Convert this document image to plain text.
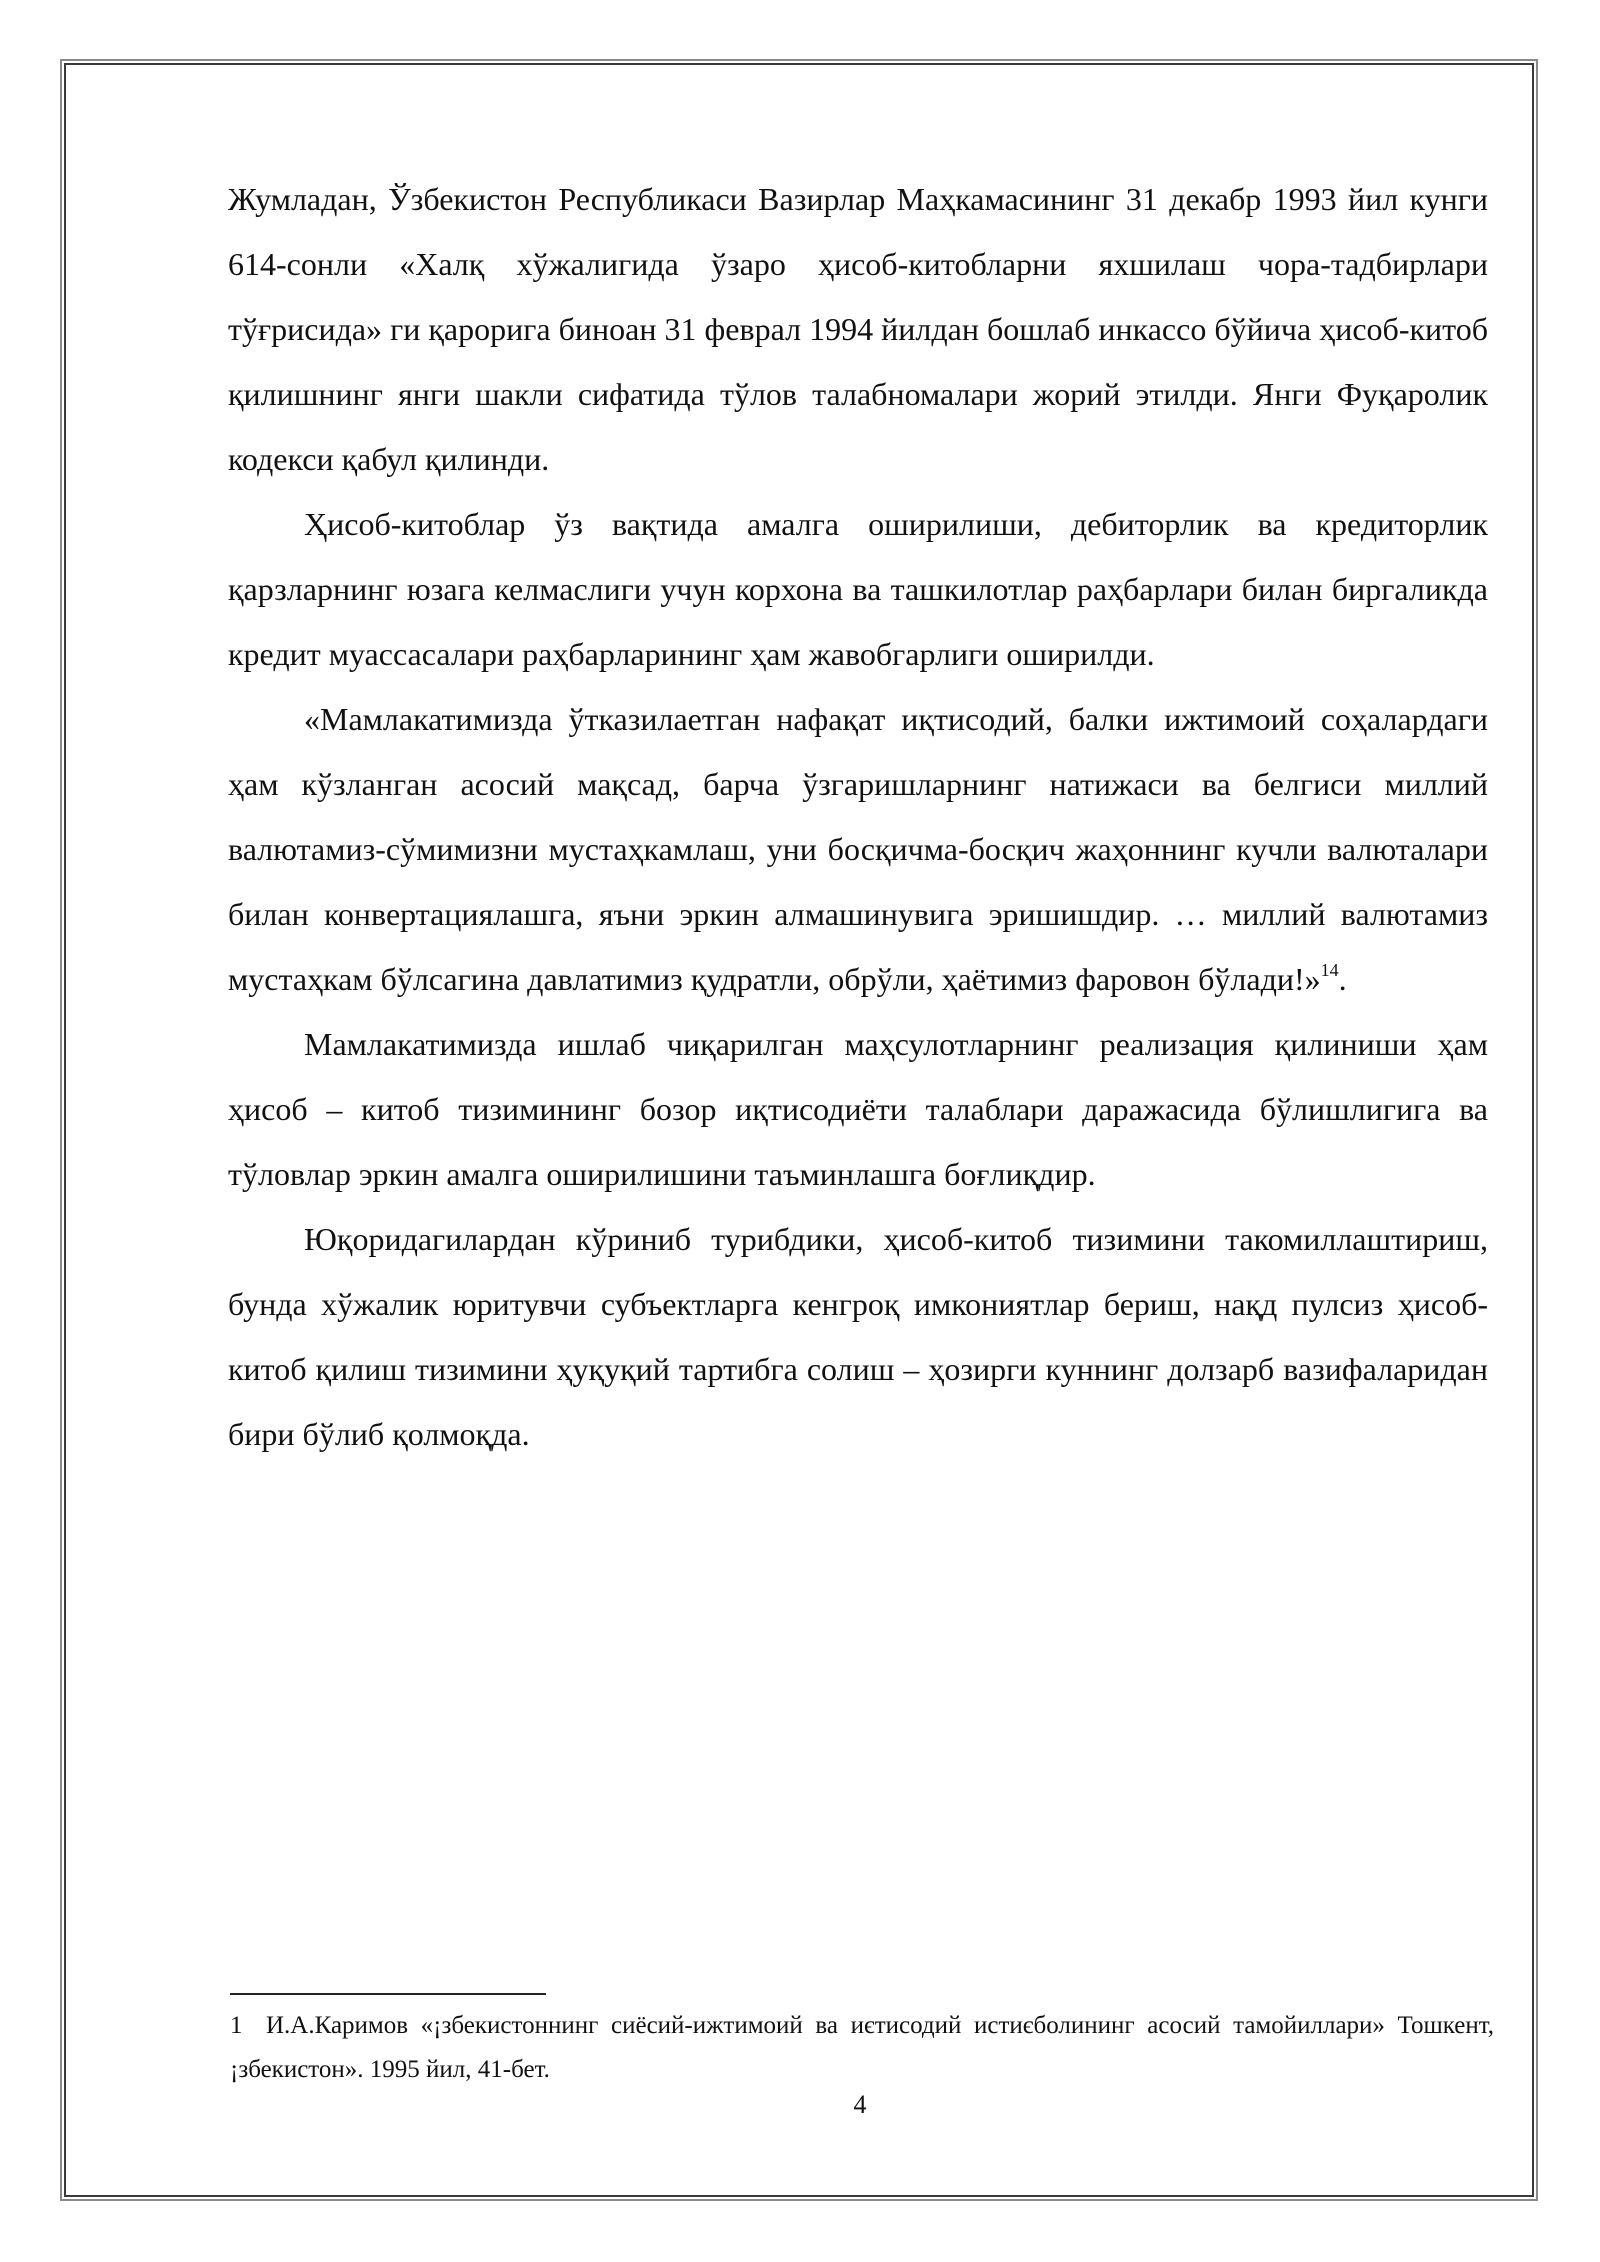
Жумладан, Ўзбекистон Республикаси Вазирлар Маҳкамасининг 31 декабр 1993 йил кунги 614-сонли «Халқ хўжалигида ўзаро ҳисоб-китобларни яхшилаш чора-тадбирлари тўғрисида» ги қарорига биноан 31 феврал 1994 йилдан бошлаб инкассо бўйича ҳисоб-китоб қилишнинг янги шакли сифатида тўлов талабномалари жорий этилди. Янги Фуқаролик кодекси қабул қилинди.

Ҳисоб-китоблар ўз вақтида амалга оширилиши, дебиторлик ва кредиторлик қарзларнинг юзага келмаслиги учун корхона ва ташкилотлар раҳбарлари билан биргаликда кредит муассасалари раҳбарларининг ҳам жавобгарлиги оширилди.

«Мамлакатимизда ўтказилаетган нафақат иқтисодий, балки ижтимоий соҳалардаги ҳам кўзланган асосий мақсад, барча ўзгаришларнинг натижаси ва белгиси миллий валютамиз-сўмимизни мустаҳкамлаш, уни босқичма-босқич жаҳоннинг кучли валюталари билан конвертациялашга, яъни эркин алмашинувига эришишдир. … миллий валютамиз мустаҳкам бўлсагина давлатимиз қудратли, обрўли, ҳаётимиз фаровон бўлади!»$^{14}$.

Мамлакатимизда ишлаб чиқарилган маҳсулотларнинг реализация қилиниши ҳам ҳисоб – китоб тизимининг бозор иқтисодиёти талаблари даражасида бўлишлигига ва тўловлар эркин амалга оширилишини таъминлашга боғлиқдир.

Юқоридагилардан кўриниб турибдики, ҳисоб-китоб тизимини такомиллаштириш, бунда хўжалик юритувчи субъектларга кенгроқ имкониятлар бериш, нақд пулсиз ҳисоб-китоб қилиш тизимини ҳуқуқий тартибга солиш – ҳозирги куннинг долзарб вазифаларидан бири бўлиб қолмоқда.

1 И.А.Каримов «¡збекистоннинг сиёсий-ижтимоий ва иєтисодий истиєболининг асосий тамойиллари» Тошкент, ¡збекистон». 1995 йил, 41-бет.
4
